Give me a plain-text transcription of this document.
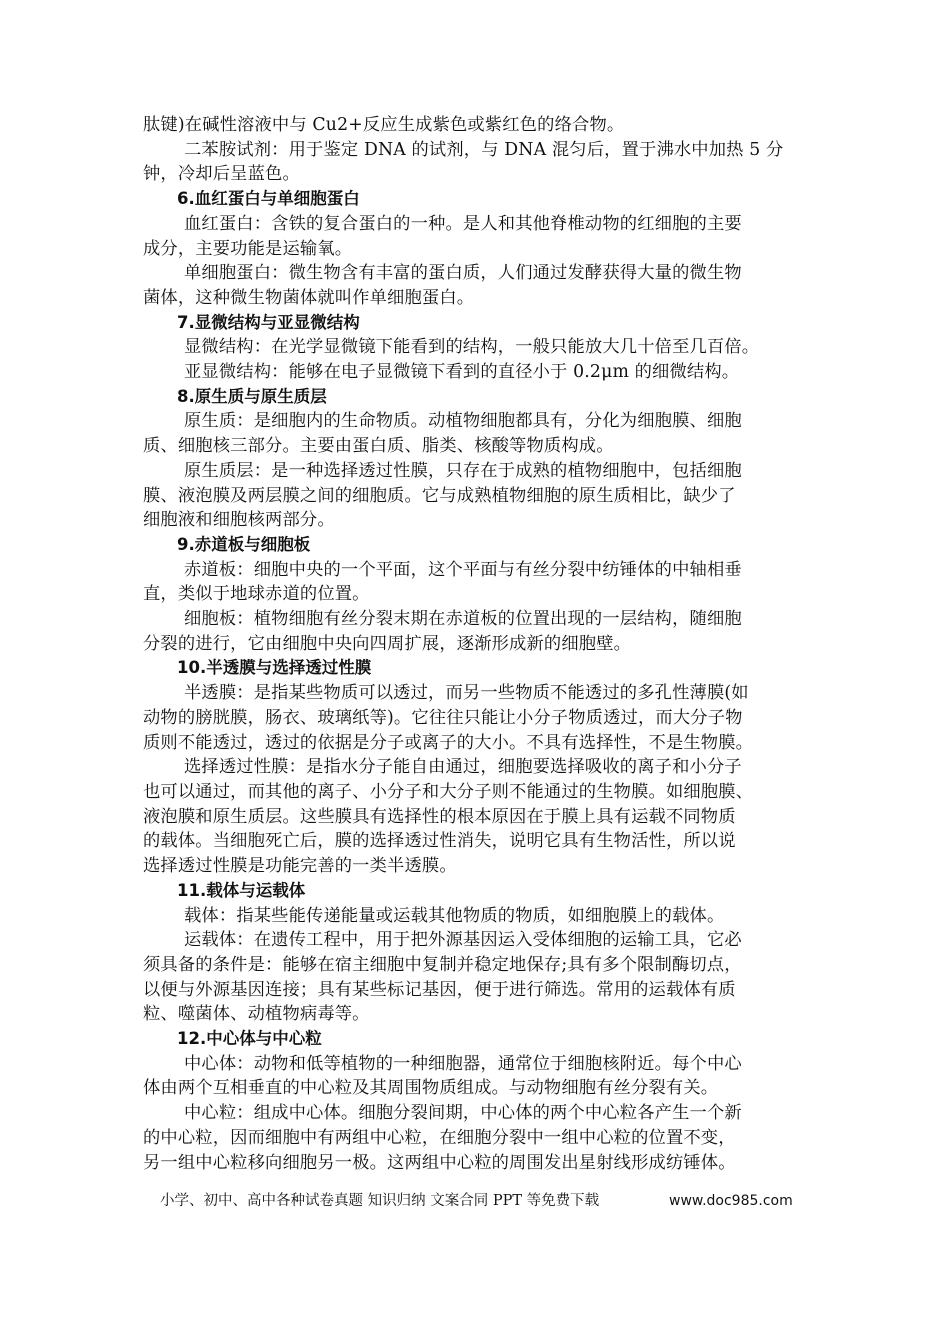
肽键)在碱性溶液中与 Cu2+反应生成紫色或紫红色的络合物。
二苯胺试剂：用于鉴定 DNA 的试剂，与 DNA 混匀后，置于沸水中加热 5 分
钟，冷却后呈蓝色。
6.血红蛋白与单细胞蛋白
血红蛋白：含铁的复合蛋白的一种。是人和其他脊椎动物的红细胞的主要
成分，主要功能是运输氧。
单细胞蛋白：微生物含有丰富的蛋白质，人们通过发酵获得大量的微生物
菌体，这种微生物菌体就叫作单细胞蛋白。
7.显微结构与亚显微结构
显微结构：在光学显微镜下能看到的结构，一般只能放大几十倍至几百倍。
亚显微结构：能够在电子显微镜下看到的直径小于 0.2μm 的细微结构。
8.原生质与原生质层
原生质：是细胞内的生命物质。动植物细胞都具有，分化为细胞膜、细胞
质、细胞核三部分。主要由蛋白质、脂类、核酸等物质构成。
原生质层：是一种选择透过性膜，只存在于成熟的植物细胞中，包括细胞
膜、液泡膜及两层膜之间的细胞质。它与成熟植物细胞的原生质相比，缺少了
细胞液和细胞核两部分。
9.赤道板与细胞板
赤道板：细胞中央的一个平面，这个平面与有丝分裂中纺锤体的中轴相垂
直，类似于地球赤道的位置。
细胞板：植物细胞有丝分裂末期在赤道板的位置出现的一层结构，随细胞
分裂的进行，它由细胞中央向四周扩展，逐渐形成新的细胞壁。
10.半透膜与选择透过性膜
半透膜：是指某些物质可以透过，而另一些物质不能透过的多孔性薄膜(如
动物的膀胱膜，肠衣、玻璃纸等)。它往往只能让小分子物质透过，而大分子物
质则不能透过，透过的依据是分子或离子的大小。不具有选择性，不是生物膜。
选择透过性膜：是指水分子能自由通过，细胞要选择吸收的离子和小分子
也可以通过，而其他的离子、小分子和大分子则不能通过的生物膜。如细胞膜、
液泡膜和原生质层。这些膜具有选择性的根本原因在于膜上具有运载不同物质
的载体。当细胞死亡后，膜的选择透过性消失，说明它具有生物活性，所以说
选择透过性膜是功能完善的一类半透膜。
11.载体与运载体
载体：指某些能传递能量或运载其他物质的物质，如细胞膜上的载体。
运载体：在遗传工程中，用于把外源基因运入受体细胞的运输工具，它必
须具备的条件是：能够在宿主细胞中复制并稳定地保存;具有多个限制酶切点，
以便与外源基因连接；具有某些标记基因，便于进行筛选。常用的运载体有质
粒、噬菌体、动植物病毒等。
12.中心体与中心粒
中心体：动物和低等植物的一种细胞器，通常位于细胞核附近。每个中心
体由两个互相垂直的中心粒及其周围物质组成。与动物细胞有丝分裂有关。
中心粒：组成中心体。细胞分裂间期，中心体的两个中心粒各产生一个新
的中心粒，因而细胞中有两组中心粒，在细胞分裂中一组中心粒的位置不变，
另一组中心粒移向细胞另一极。这两组中心粒的周围发出星射线形成纺锤体。
小学、初中、高中各种试卷真题 知识归纳 文案合同 PPT 等免费下载	www.doc985.com
